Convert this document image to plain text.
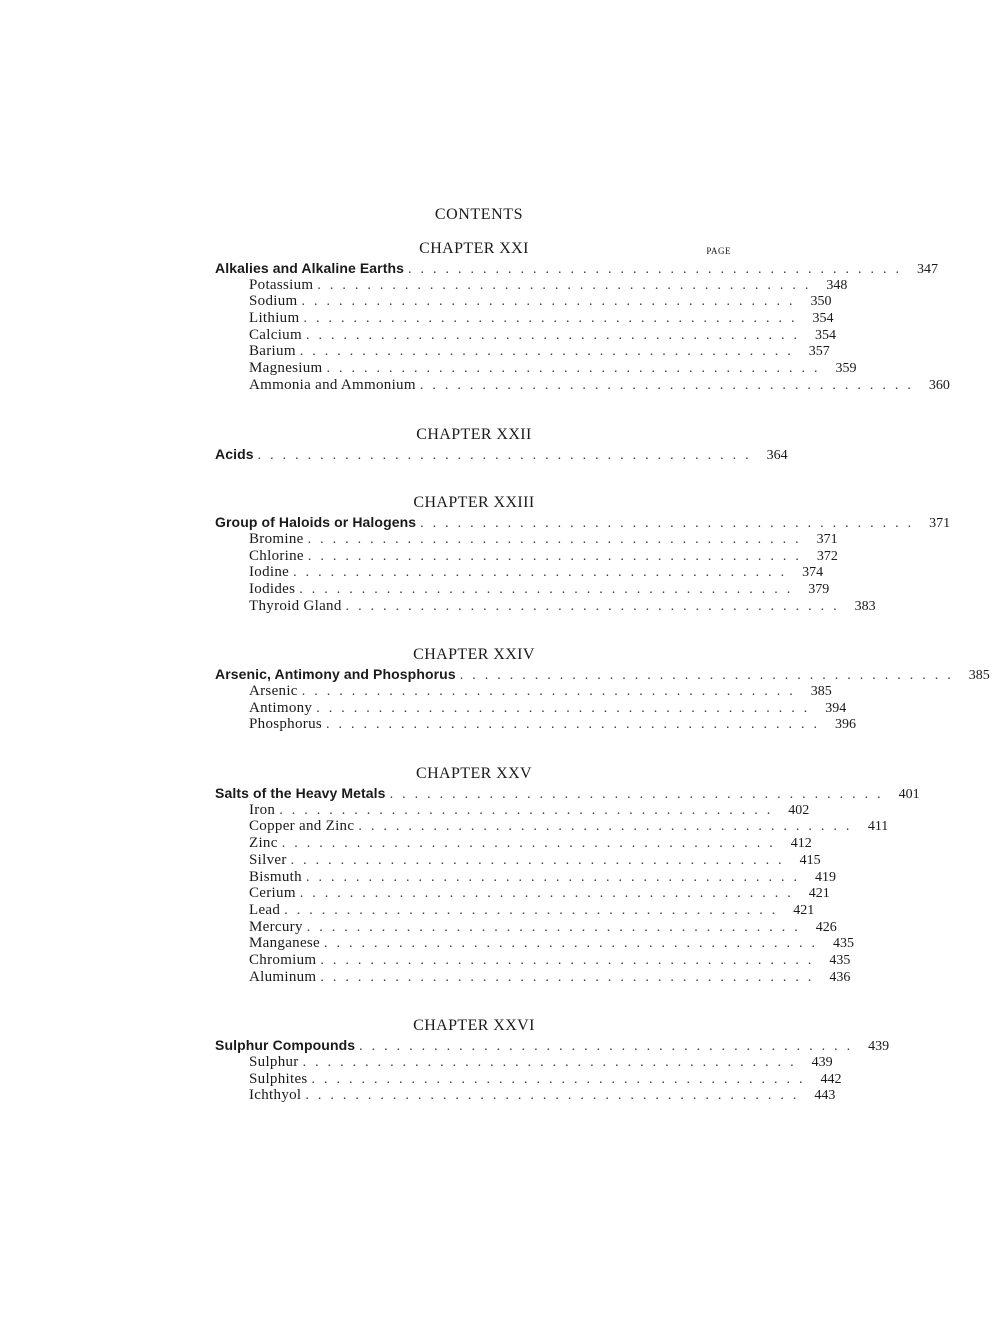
CONTENTS
CHAPTER XXI	PAGE
Alkalies and Alkaline Earths ........................................ 347
Potassium ........................................ 348
Sodium ........................................ 350
Lithium ........................................ 354
Calcium ........................................ 354
Barium ........................................ 357
Magnesium ........................................ 359
Ammonia and Ammonium ........................................ 360
CHAPTER XXII
Acids ........................................ 364
CHAPTER XXIII
Group of Haloids or Halogens ........................................ 371
Bromine ........................................ 371
Chlorine ........................................ 372
Iodine ........................................ 374
Iodides ........................................ 379
Thyroid Gland ........................................ 383
CHAPTER XXIV
Arsenic, Antimony and Phosphorus ........................................ 385
Arsenic ........................................ 385
Antimony ........................................ 394
Phosphorus ........................................ 396
CHAPTER XXV
Salts of the Heavy Metals ........................................ 401
Iron ........................................ 402
Copper and Zinc ........................................ 411
Zinc ........................................ 412
Silver ........................................ 415
Bismuth ........................................ 419
Cerium ........................................ 421
Lead ........................................ 421
Mercury ........................................ 426
Manganese ........................................ 435
Chromium ........................................ 435
Aluminum ........................................ 436
CHAPTER XXVI
Sulphur Compounds ........................................ 439
Sulphur ........................................ 439
Sulphites ........................................ 442
Ichthyol ........................................ 443
